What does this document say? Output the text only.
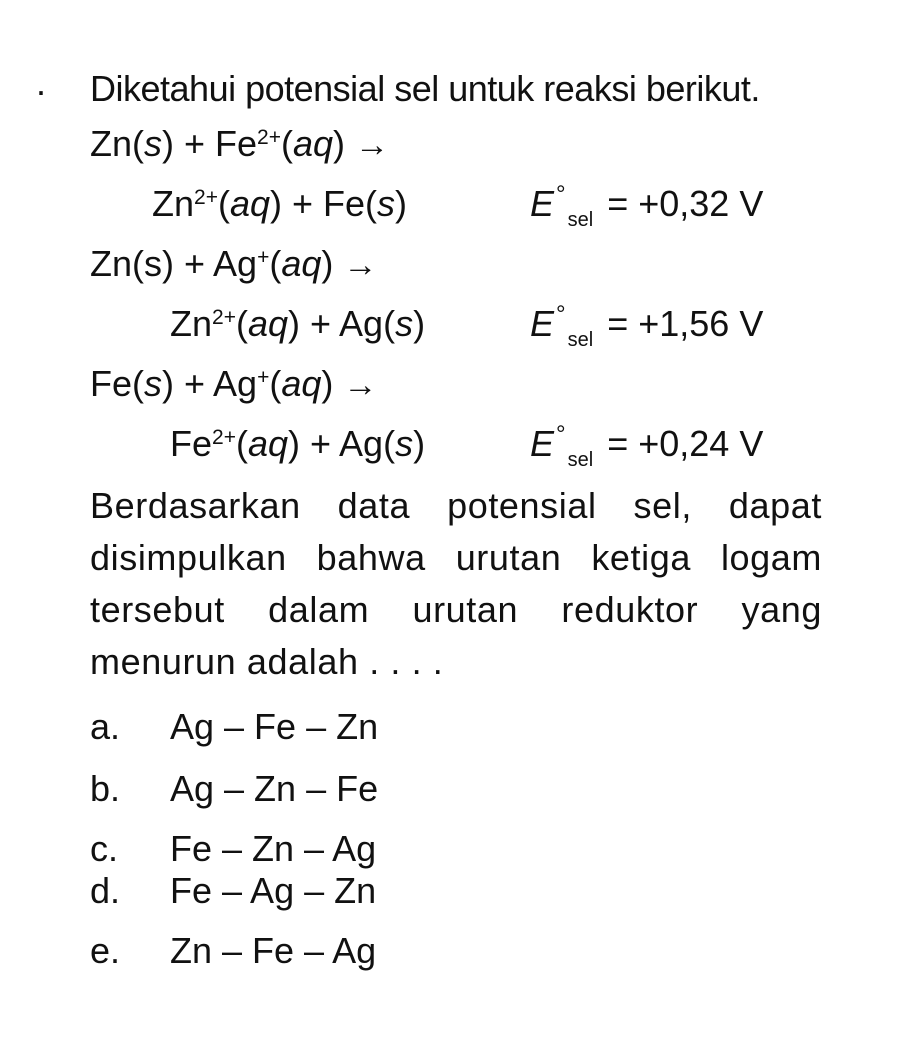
. Diketahui potensial sel untuk reaksi berikut.
$Zn(s) + Fe^{2+}(aq)$ →
$Zn^{2+}(aq) + Fe(s)$	$E^\circ_{sel} = +0,32$ V
Zn(s) + Ag+(aq) →
$Zn^{2+}(aq) + Ag(s)$	$E^\circ_{sel} = +1,56$ V
Fe(s) + Ag+(aq) →
$Fe^{2+}(aq) + Ag(s)$	$E^\circ_{sel} = +0,24$ V
Berdasarkan data potensial sel, dapat disimpulkan bahwa urutan ketiga logam tersebut dalam urutan reduktor yang menurun adalah . . . .
a. Ag – Fe – Zn
b. Ag – Zn – Fe
c. Fe – Zn – Ag
d. Fe – Ag – Zn
e. Zn – Fe – Ag
